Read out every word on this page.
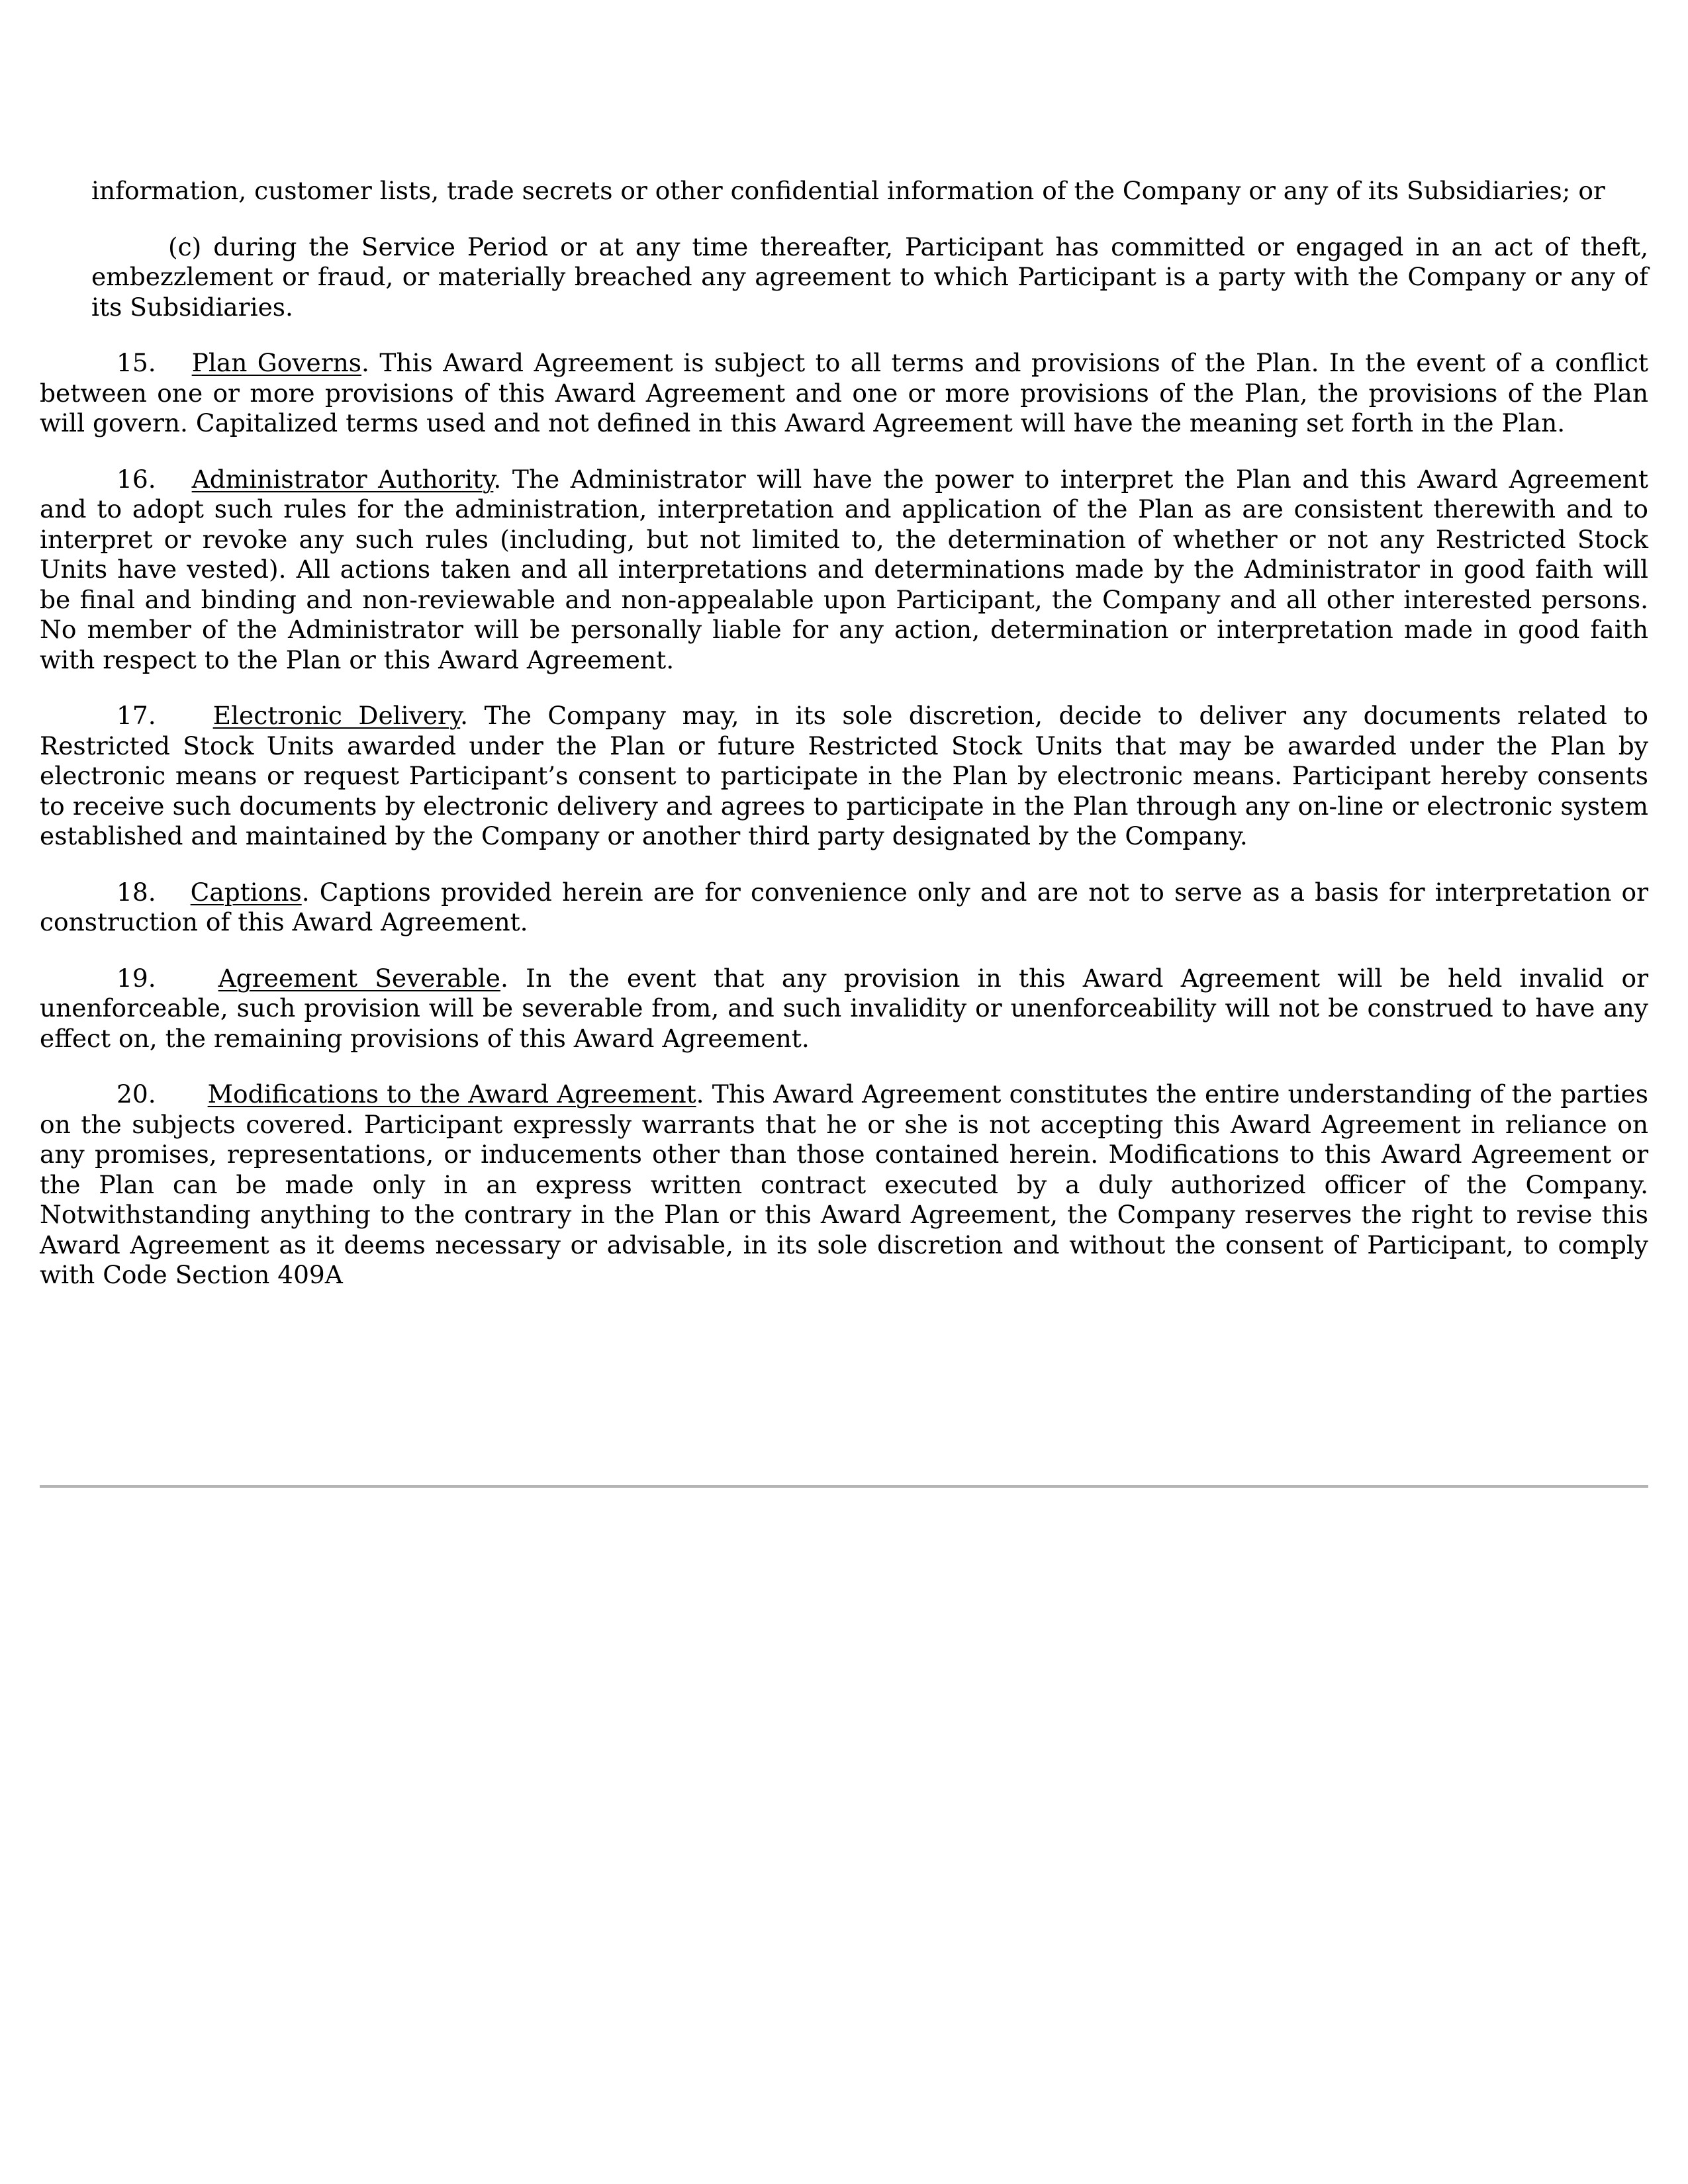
information, customer lists, trade secrets or other confidential information of the Company or any of its Subsidiaries; or

(c) during the Service Period or at any time thereafter, Participant has committed or engaged in an act of theft, embezzlement or fraud, or materially breached any agreement to which Participant is a party with the Company or any of its Subsidiaries.

15. Plan Governs. This Award Agreement is subject to all terms and provisions of the Plan. In the event of a conflict between one or more provisions of this Award Agreement and one or more provisions of the Plan, the provisions of the Plan will govern. Capitalized terms used and not defined in this Award Agreement will have the meaning set forth in the Plan.

16. Administrator Authority. The Administrator will have the power to interpret the Plan and this Award Agreement and to adopt such rules for the administration, interpretation and application of the Plan as are consistent therewith and to interpret or revoke any such rules (including, but not limited to, the determination of whether or not any Restricted Stock Units have vested). All actions taken and all interpretations and determinations made by the Administrator in good faith will be final and binding and non-reviewable and non-appealable upon Participant, the Company and all other interested persons. No member of the Administrator will be personally liable for any action, determination or interpretation made in good faith with respect to the Plan or this Award Agreement.

17. Electronic Delivery. The Company may, in its sole discretion, decide to deliver any documents related to Restricted Stock Units awarded under the Plan or future Restricted Stock Units that may be awarded under the Plan by electronic means or request Participant’s consent to participate in the Plan by electronic means. Participant hereby consents to receive such documents by electronic delivery and agrees to participate in the Plan through any on-line or electronic system established and maintained by the Company or another third party designated by the Company.

18. Captions. Captions provided herein are for convenience only and are not to serve as a basis for interpretation or construction of this Award Agreement.

19.	Agreement Severable. In the event that any provision in this Award Agreement will be held invalid or unenforceable, such provision will be severable from, and such invalidity or unenforceability will not be construed to have any effect on, the remaining provisions of this Award Agreement.

20. Modifications to the Award Agreement. This Award Agreement constitutes the entire understanding of the parties on the subjects covered. Participant expressly warrants that he or she is not accepting this Award Agreement in reliance on any promises, representations, or inducements other than those contained herein. Modifications to this Award Agreement or the Plan can be made only in an express written contract executed by a duly authorized officer of the Company. Notwithstanding anything to the contrary in the Plan or this Award Agreement, the Company reserves the right to revise this Award Agreement as it deems necessary or advisable, in its sole discretion and without the consent of Participant, to comply with Code Section 409A
